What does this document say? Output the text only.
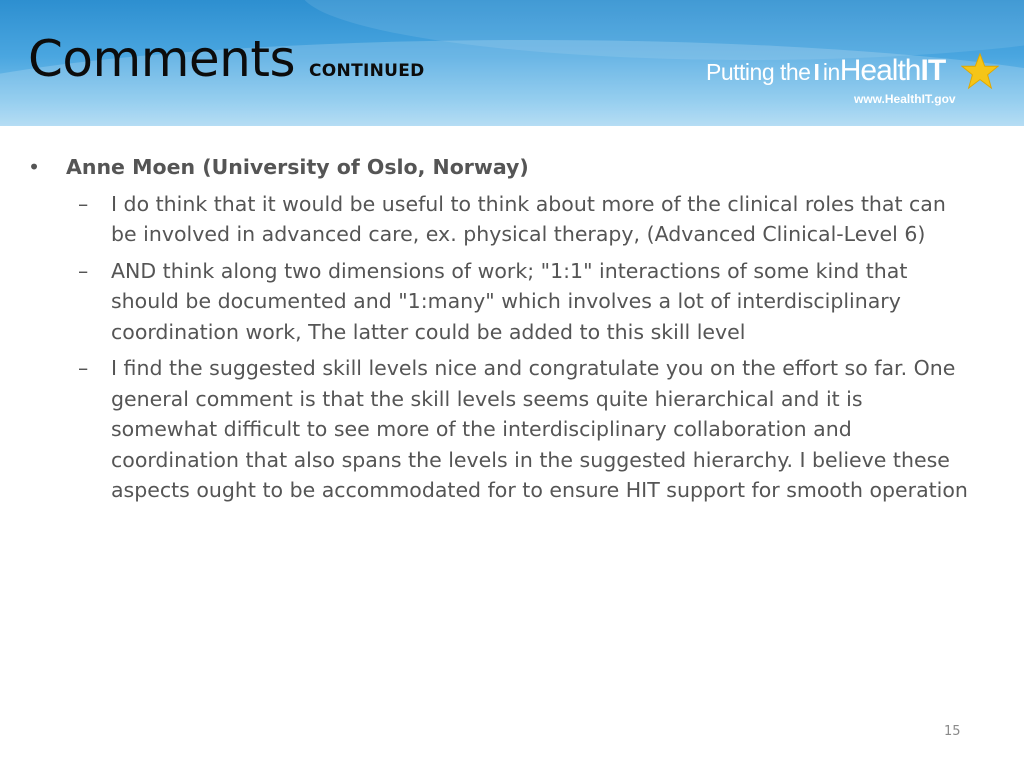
Comments CONTINUED	Putting the I inHealthIT
www.HealthIT.gov
•	Anne Moen (University of Oslo, Norway)
–	I do think that it would be useful to think about more of the clinical roles that can be involved in advanced care, ex. physical therapy, (Advanced Clinical-Level 6)
–	AND think along two dimensions of work; "1:1" interactions of some kind that should be documented and "1:many" which involves a lot of interdisciplinary coordination work, The latter could be added to this skill level
–	I find the suggested skill levels nice and congratulate you on the effort so far. One general comment is that the skill levels seems quite hierarchical and it is somewhat difficult to see more of the interdisciplinary collaboration and coordination that also spans the levels in the suggested hierarchy. I believe these aspects ought to be accommodated for to ensure HIT support for smooth operation
15
